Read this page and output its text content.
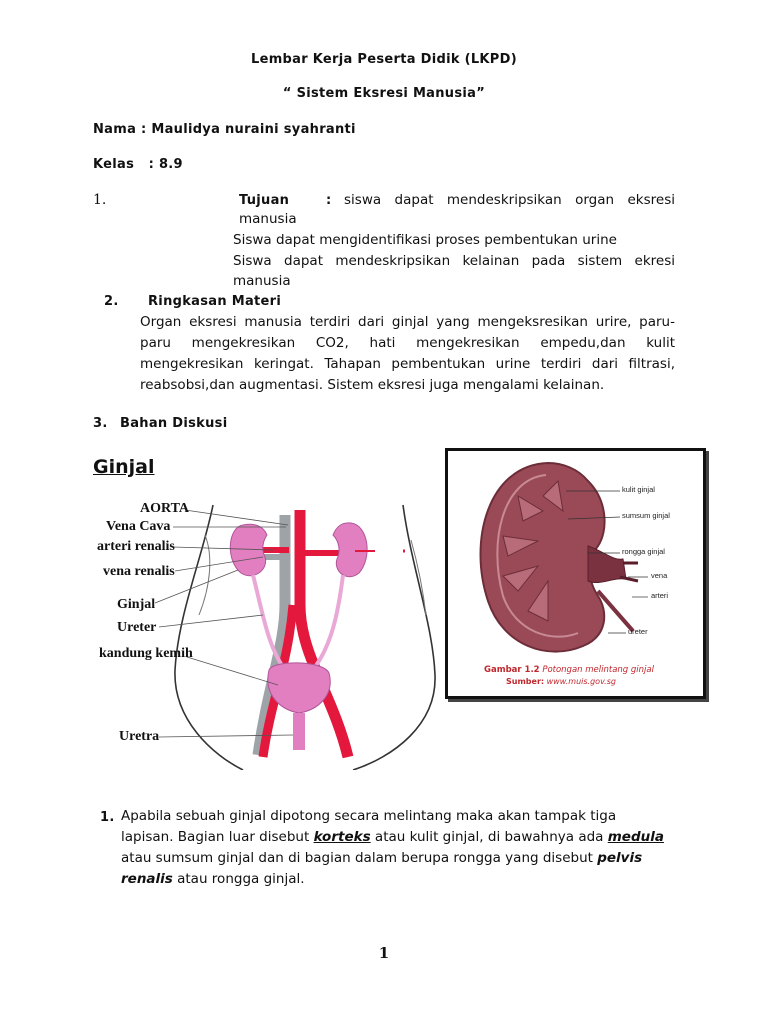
Lembar Kerja Peserta Didik (LKPD)
“ Sistem Eksresi Manusia”
Nama : Maulidya nuraini syahranti
Kelas   : 8.9
1.	Tujuan	: siswa dapat mendeskripsikan organ eksresi
manusia
Siswa dapat mengidentifikasi proses pembentukan urine
Siswa dapat mendeskripsikan kelainan pada sistem ekresi
manusia
2. Ringkasan Materi
Organ eksresi manusia terdiri dari ginjal yang mengeksresikan urire, paru-
paru mengekresikan CO2, hati mengekresikan empedu,dan kulit
mengekresikan keringat. Tahapan pembentukan urine terdiri dari filtrasi,
reabsobsi,dan augmentasi. Sistem eksresi juga mengalami kelainan.
3. Bahan Diskusi
Ginjal
AORTA
Vena Cava
arteri renalis
vena renalis
Ginjal
Ureter
kandung kemih
Uretra
kulit ginjal
sumsum ginjal
rongga ginjal
vena
arteri
ureter
Gambar 1.2 Potongan melintang ginjal
Sumber: www.muis.gov.sg
1. Apabila sebuah ginjal dipotong secara melintang maka akan tampak tiga
lapisan. Bagian luar disebut korteks atau kulit ginjal, di bawahnya ada medula
atau sumsum ginjal dan di bagian dalam berupa rongga yang disebut pelvis
renalis atau rongga ginjal.
1
